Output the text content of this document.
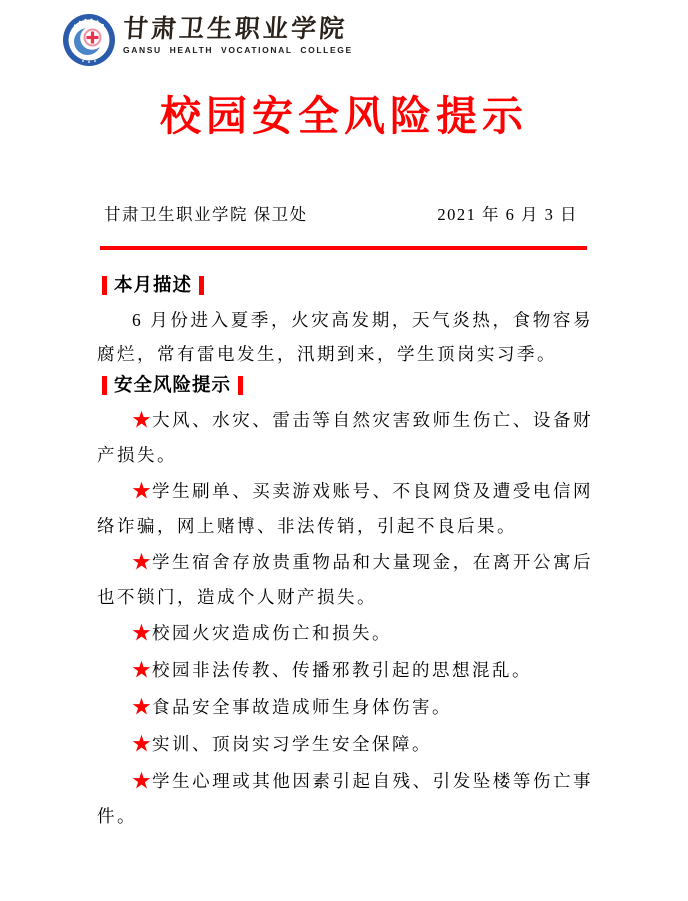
甘肃卫生职业学院
GANSU HEALTH VOCATIONAL COLLEGE
校园安全风险提示
甘肃卫生职业学院 保卫处	2021 年 6 月 3 日
本月描述

6 月份进入夏季，火灾高发期，天气炎热，食物容易腐烂，常有雷电发生，汛期到来，学生顶岗实习季。

安全风险提示

★大风、水灾、雷击等自然灾害致师生伤亡、设备财产损失。

★学生刷单、买卖游戏账号、不良网贷及遭受电信网络诈骗，网上赌博、非法传销，引起不良后果。

★学生宿舍存放贵重物品和大量现金，在离开公寓后也不锁门，造成个人财产损失。

★校园火灾造成伤亡和损失。

★校园非法传教、传播邪教引起的思想混乱。

★食品安全事故造成师生身体伤害。

★实训、顶岗实习学生安全保障。

★学生心理或其他因素引起自残、引发坠楼等伤亡事件。
